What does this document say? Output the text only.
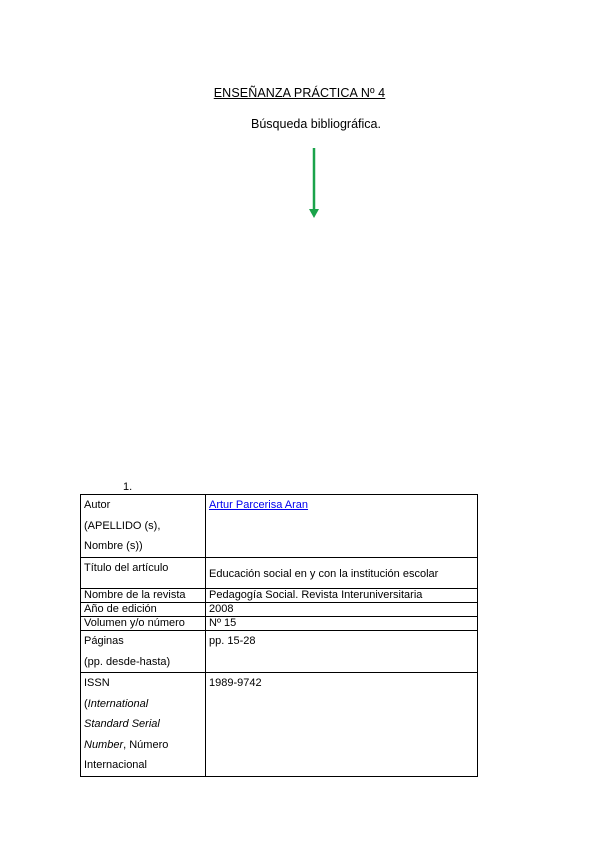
ENSEÑANZA PRÁCTICA Nº 4
Búsqueda bibliográfica.
1.
Autor
(APELLIDO (s),
Nombre (s))	Artur Parcerisa Aran
Título del artículo	Educación social en y con la institución escolar
Nombre de la revista	Pedagogía Social. Revista Interuniversitaria
Año de edición	2008
Volumen y/o número	Nº 15

Páginas
(pp. desde-hasta)	pp. 15-28

ISSN
(International
Standard Serial
Number, Número
Internacional	1989-9742
